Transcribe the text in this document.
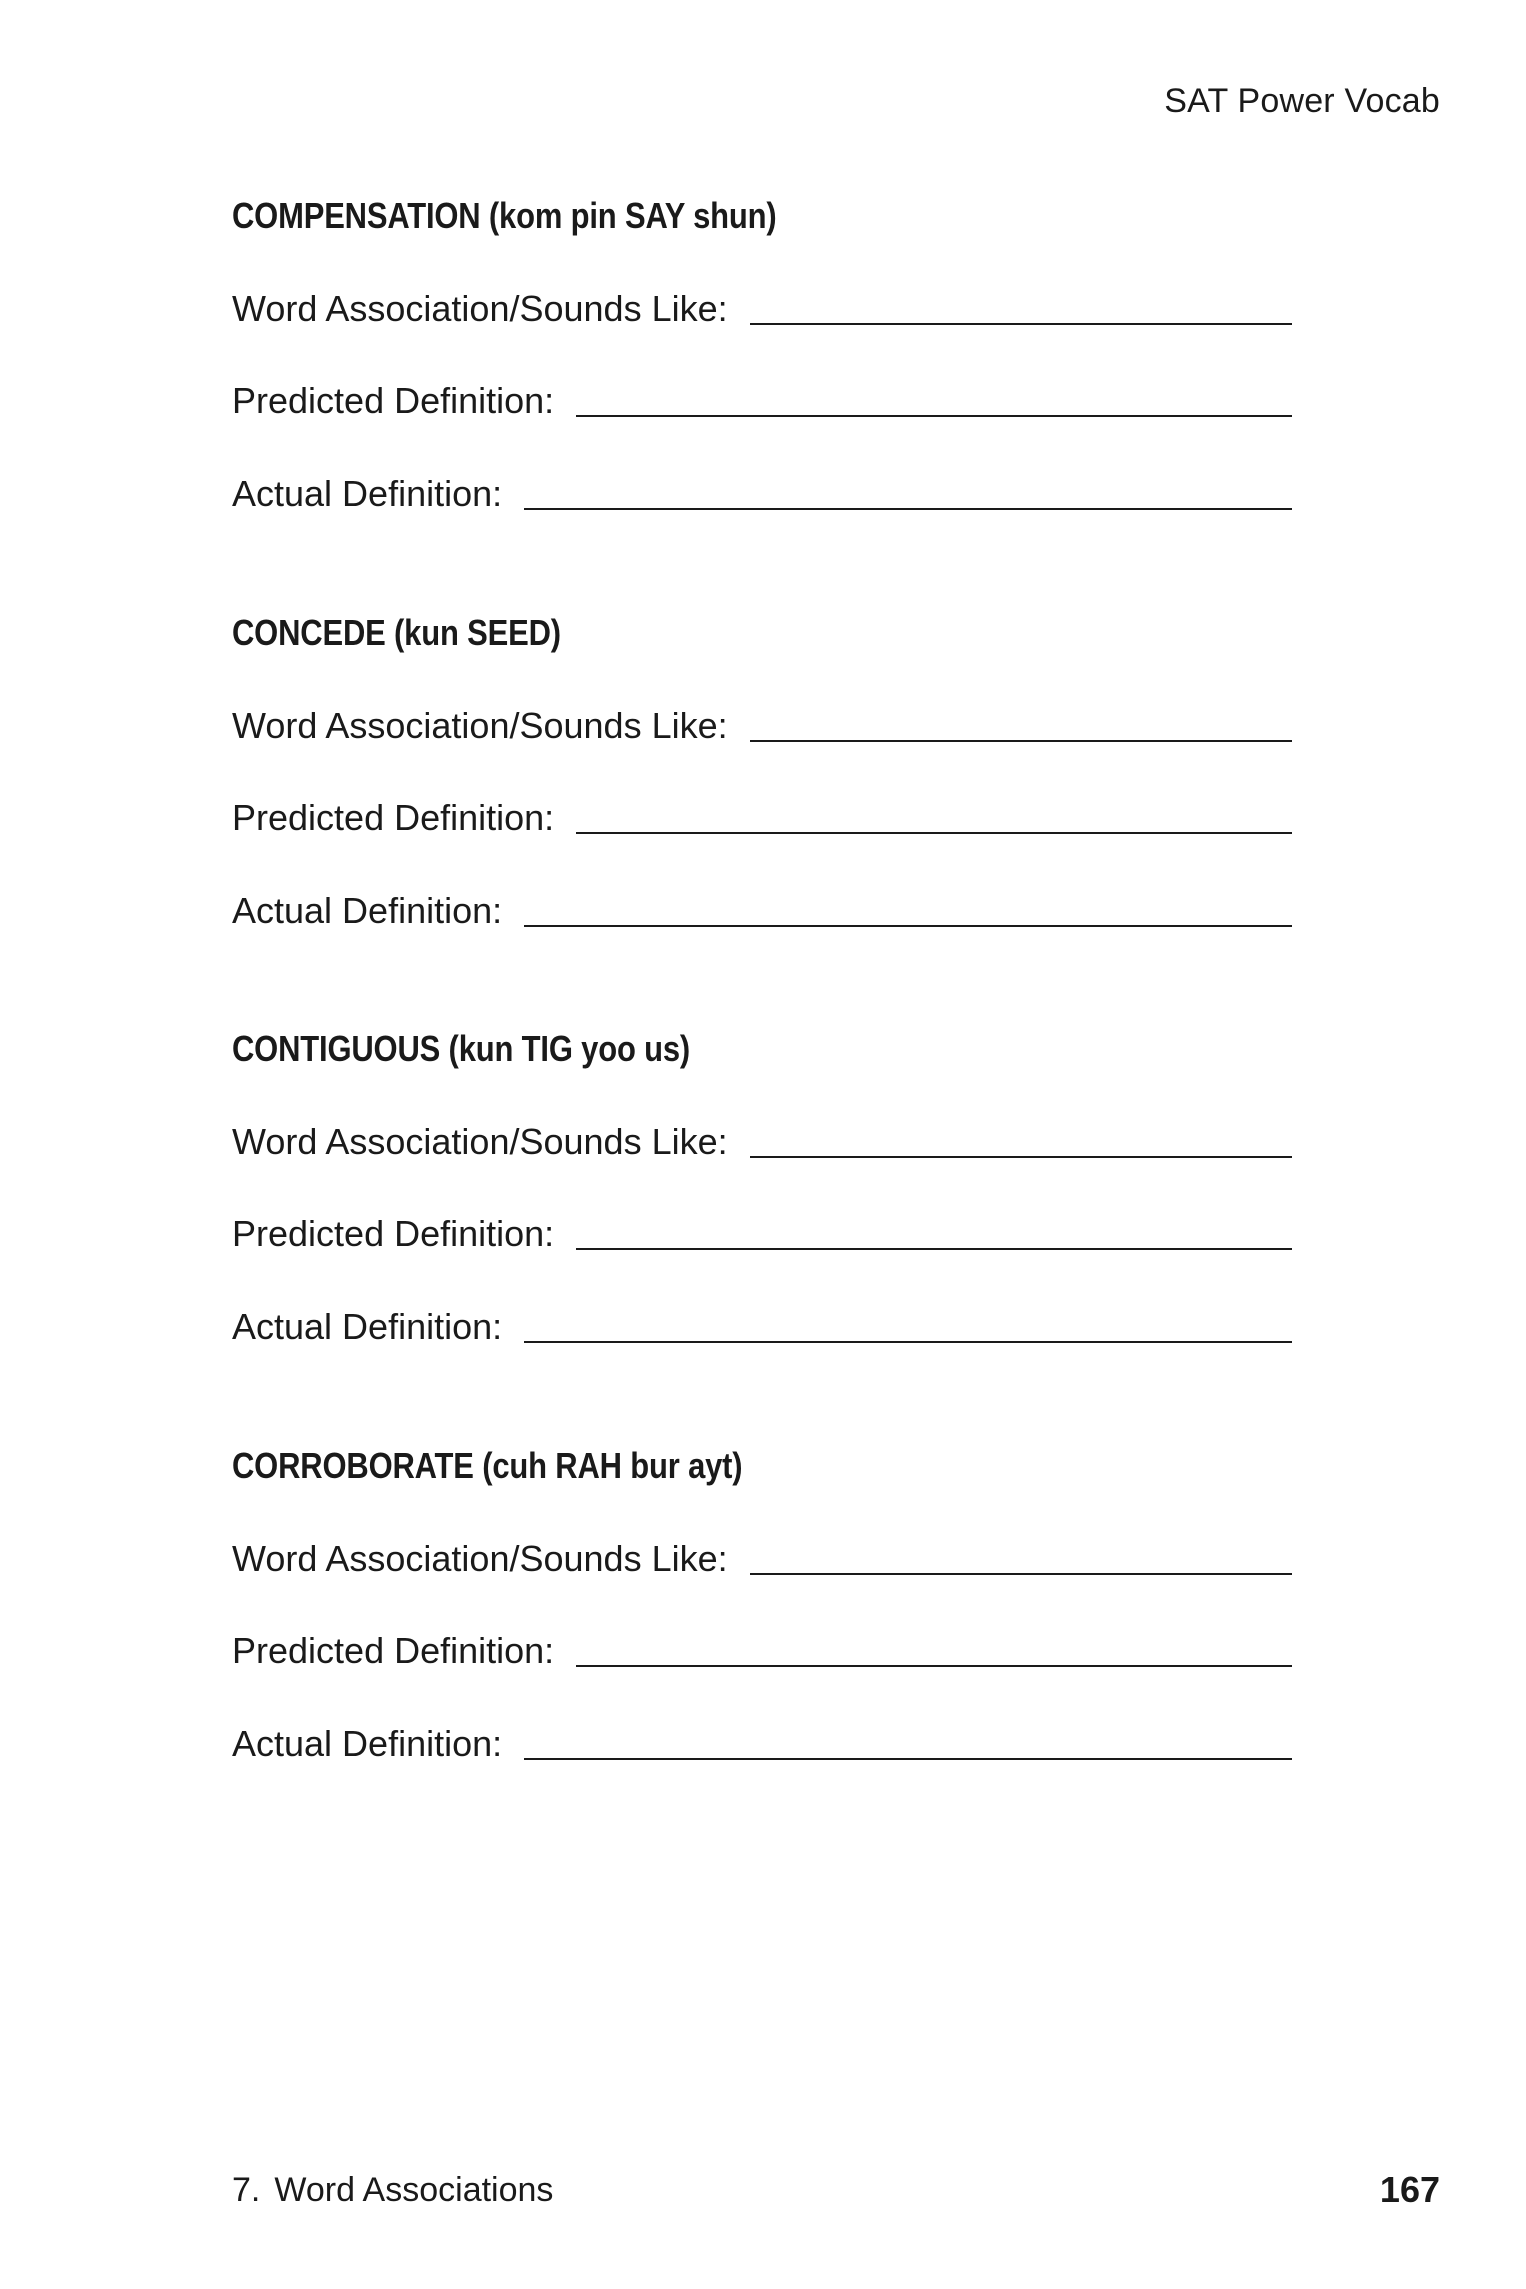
SAT Power Vocab
COMPENSATION (kom pin SAY shun)
Word Association/Sounds Like:
Predicted Definition:
Actual Definition:
CONCEDE (kun SEED)
Word Association/Sounds Like:
Predicted Definition:
Actual Definition:
CONTIGUOUS (kun TIG yoo us)
Word Association/Sounds Like:
Predicted Definition:
Actual Definition:
CORROBORATE (cuh RAH bur ayt)
Word Association/Sounds Like:
Predicted Definition:
Actual Definition:
7. Word Associations	167
